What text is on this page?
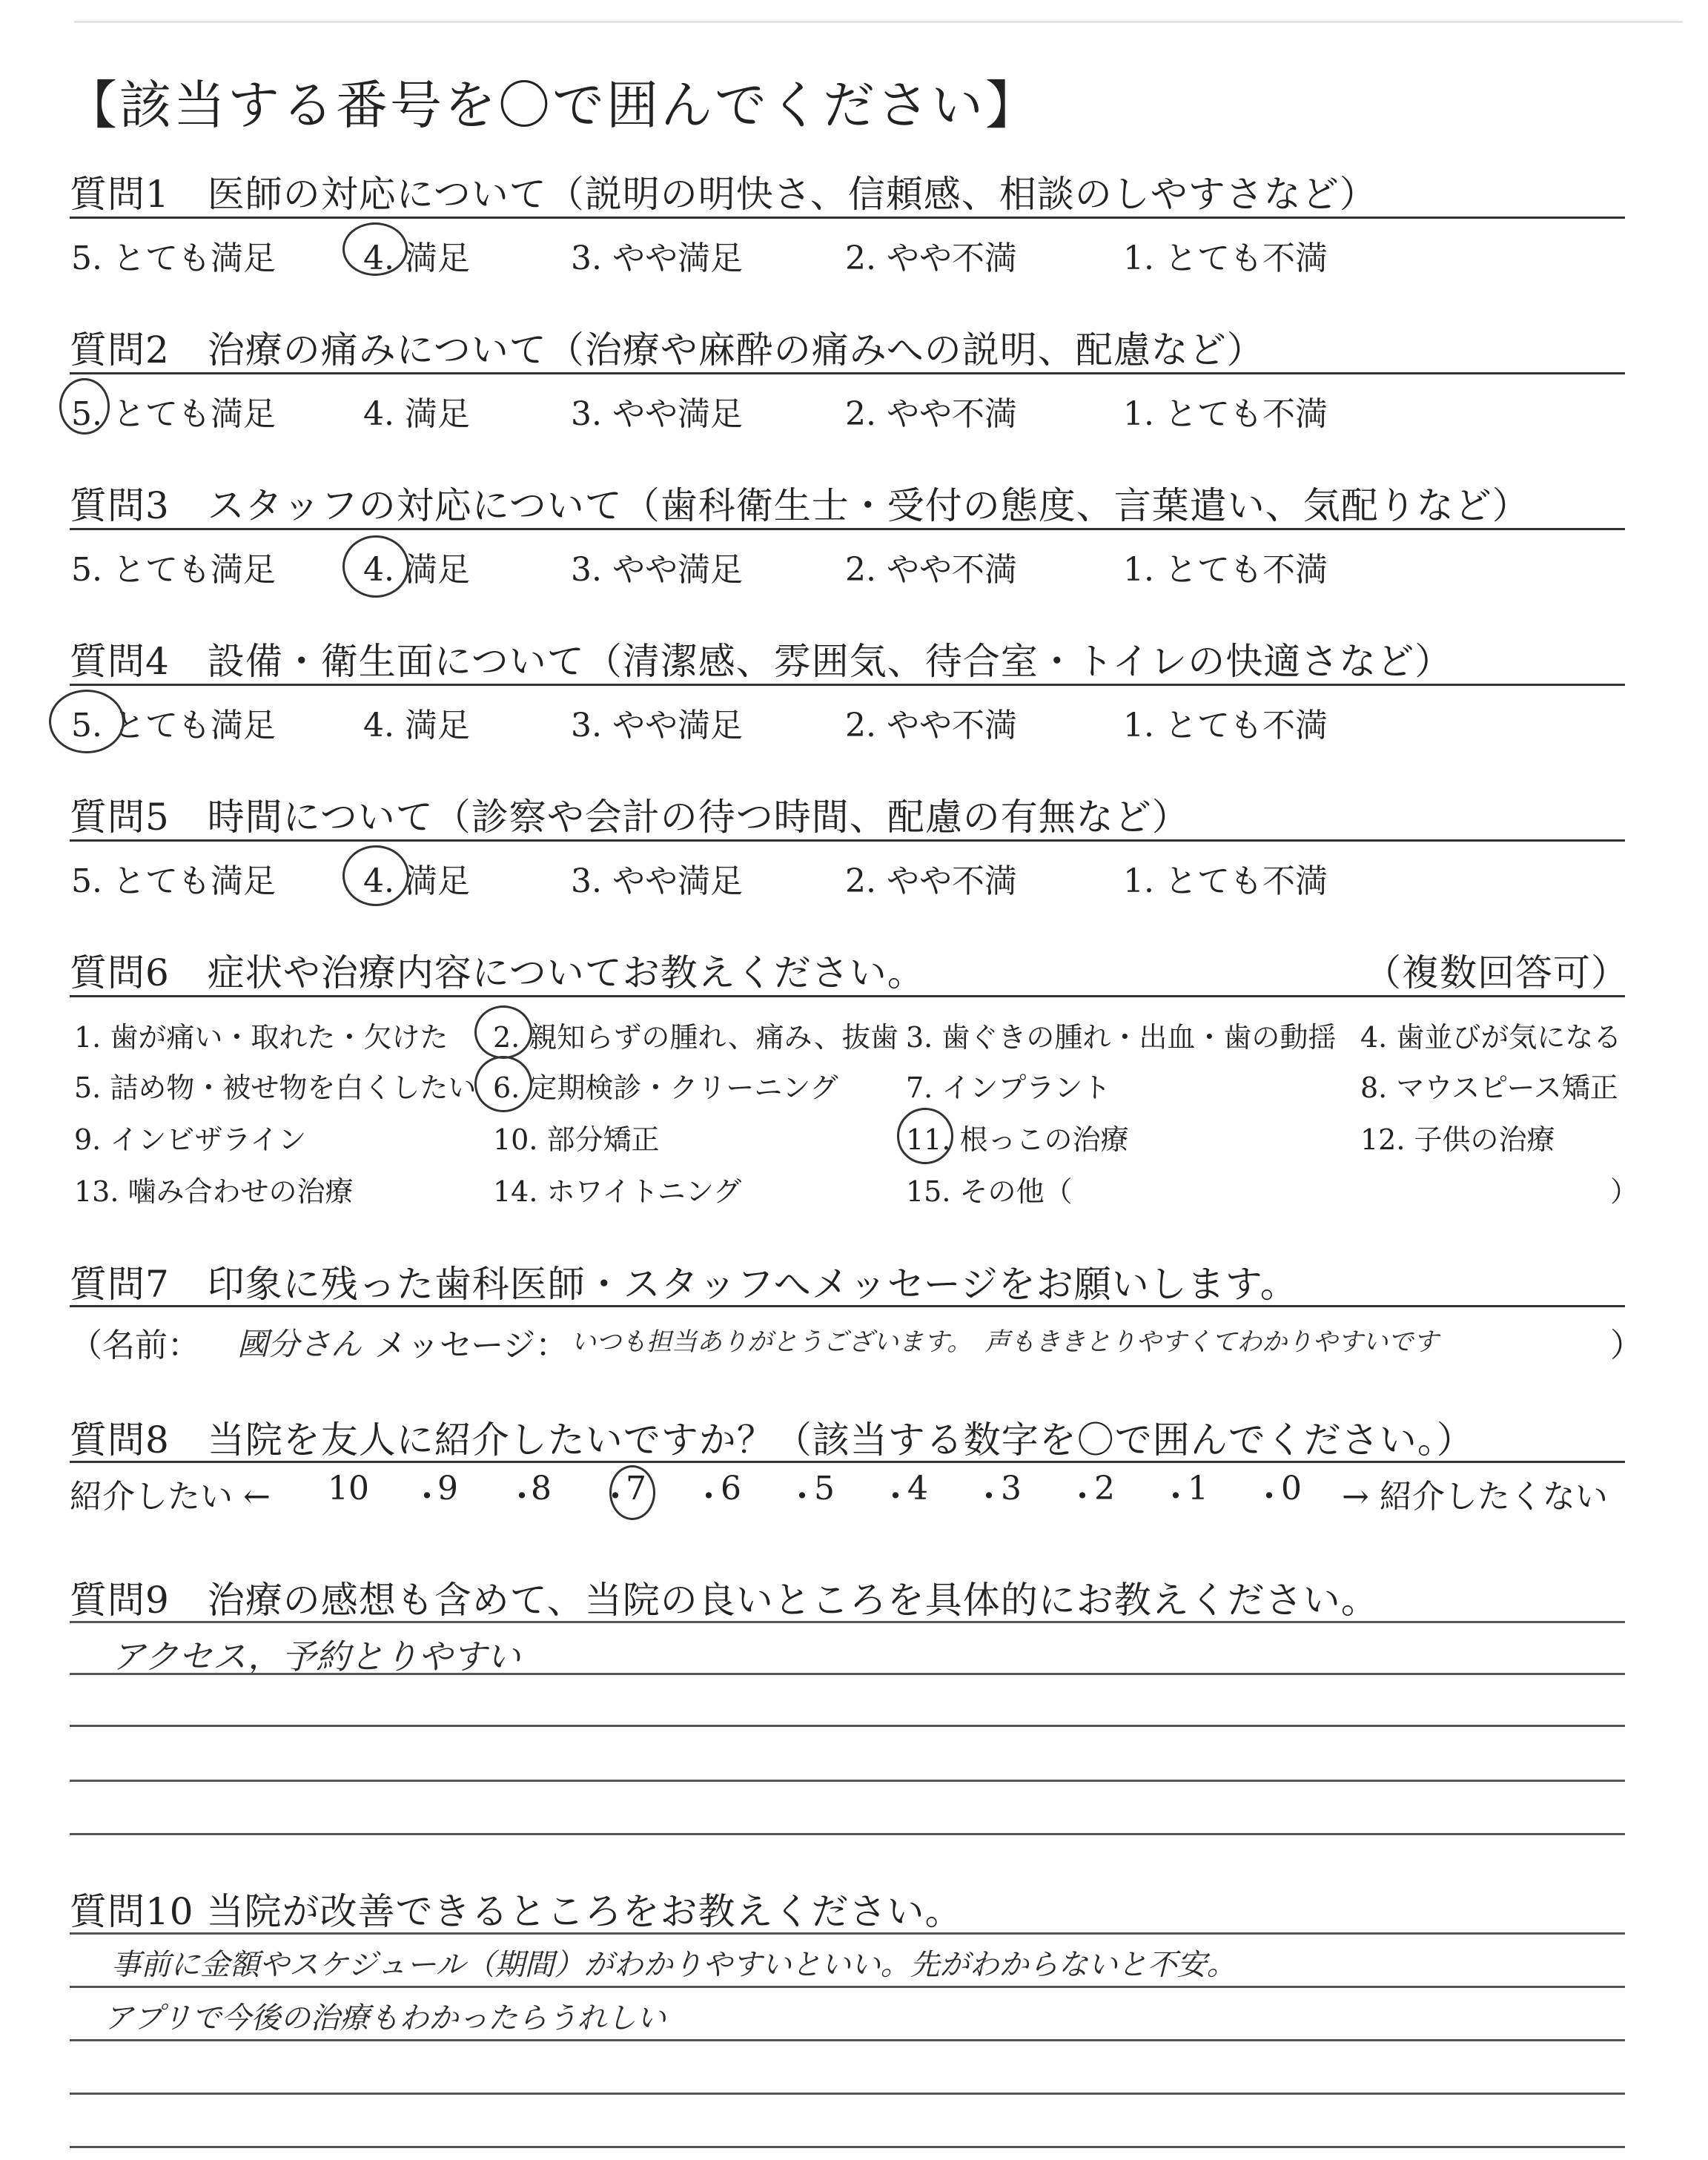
【該当する番号を〇で囲んでください】
質問1　医師の対応について（説明の明快さ、信頼感、相談のしやすさなど）
5. とても満足	4. 満足	3. やや満足	2. やや不満	1. とても不満
質問2　治療の痛みについて（治療や麻酔の痛みへの説明、配慮など）
5. とても満足	4. 満足	3. やや満足	2. やや不満	1. とても不満
質問3　スタッフの対応について（歯科衛生士・受付の態度、言葉遣い、気配りなど）
5. とても満足	4. 満足	3. やや満足	2. やや不満	1. とても不満
質問4　設備・衛生面について（清潔感、雰囲気、待合室・トイレの快適さなど）
5. とても満足	4. 満足	3. やや満足	2. やや不満	1. とても不満
質問5　時間について（診察や会計の待つ時間、配慮の有無など）
5. とても満足	4. 満足	3. やや満足	2. やや不満	1. とても不満
質問6　症状や治療内容についてお教えください。	（複数回答可）
1. 歯が痛い・取れた・欠けた 2. 親知らずの腫れ、痛み、抜歯 3. 歯ぐきの腫れ・出血・歯の動揺 4. 歯並びが気になる
5. 詰め物・被せ物を白くしたい 6. 定期検診・クリーニング 7. インプラント	8. マウスピース矯正
9. インビザライン	10. 部分矯正	11. 根っこの治療	12. 子供の治療
13. 噛み合わせの治療	14. ホワイトニング	15. その他（	）
質問7　印象に残った歯科医師・スタッフへメッセージをお願いします。
（名前： 國分さん メッセージ： いつも担当ありがとうございます。　声もききとりやすくてわかりやすいです	）
質問8　当院を友人に紹介したいですか？（該当する数字を〇で囲んでください。）
紹介したい ← 10 ・
9 ・
8 ・
7 ・
6 ・
5 ・
4 ・
3 ・
2 ・
1 ・
0 → 紹介したくない
質問9　治療の感想も含めて、当院の良いところを具体的にお教えください。
アクセス，予約とりやすい
質問10 当院が改善できるところをお教えください。
事前に金額やスケジュール（期間）がわかりやすいといい。先がわからないと不安。
アプリで今後の治療もわかったらうれしい
